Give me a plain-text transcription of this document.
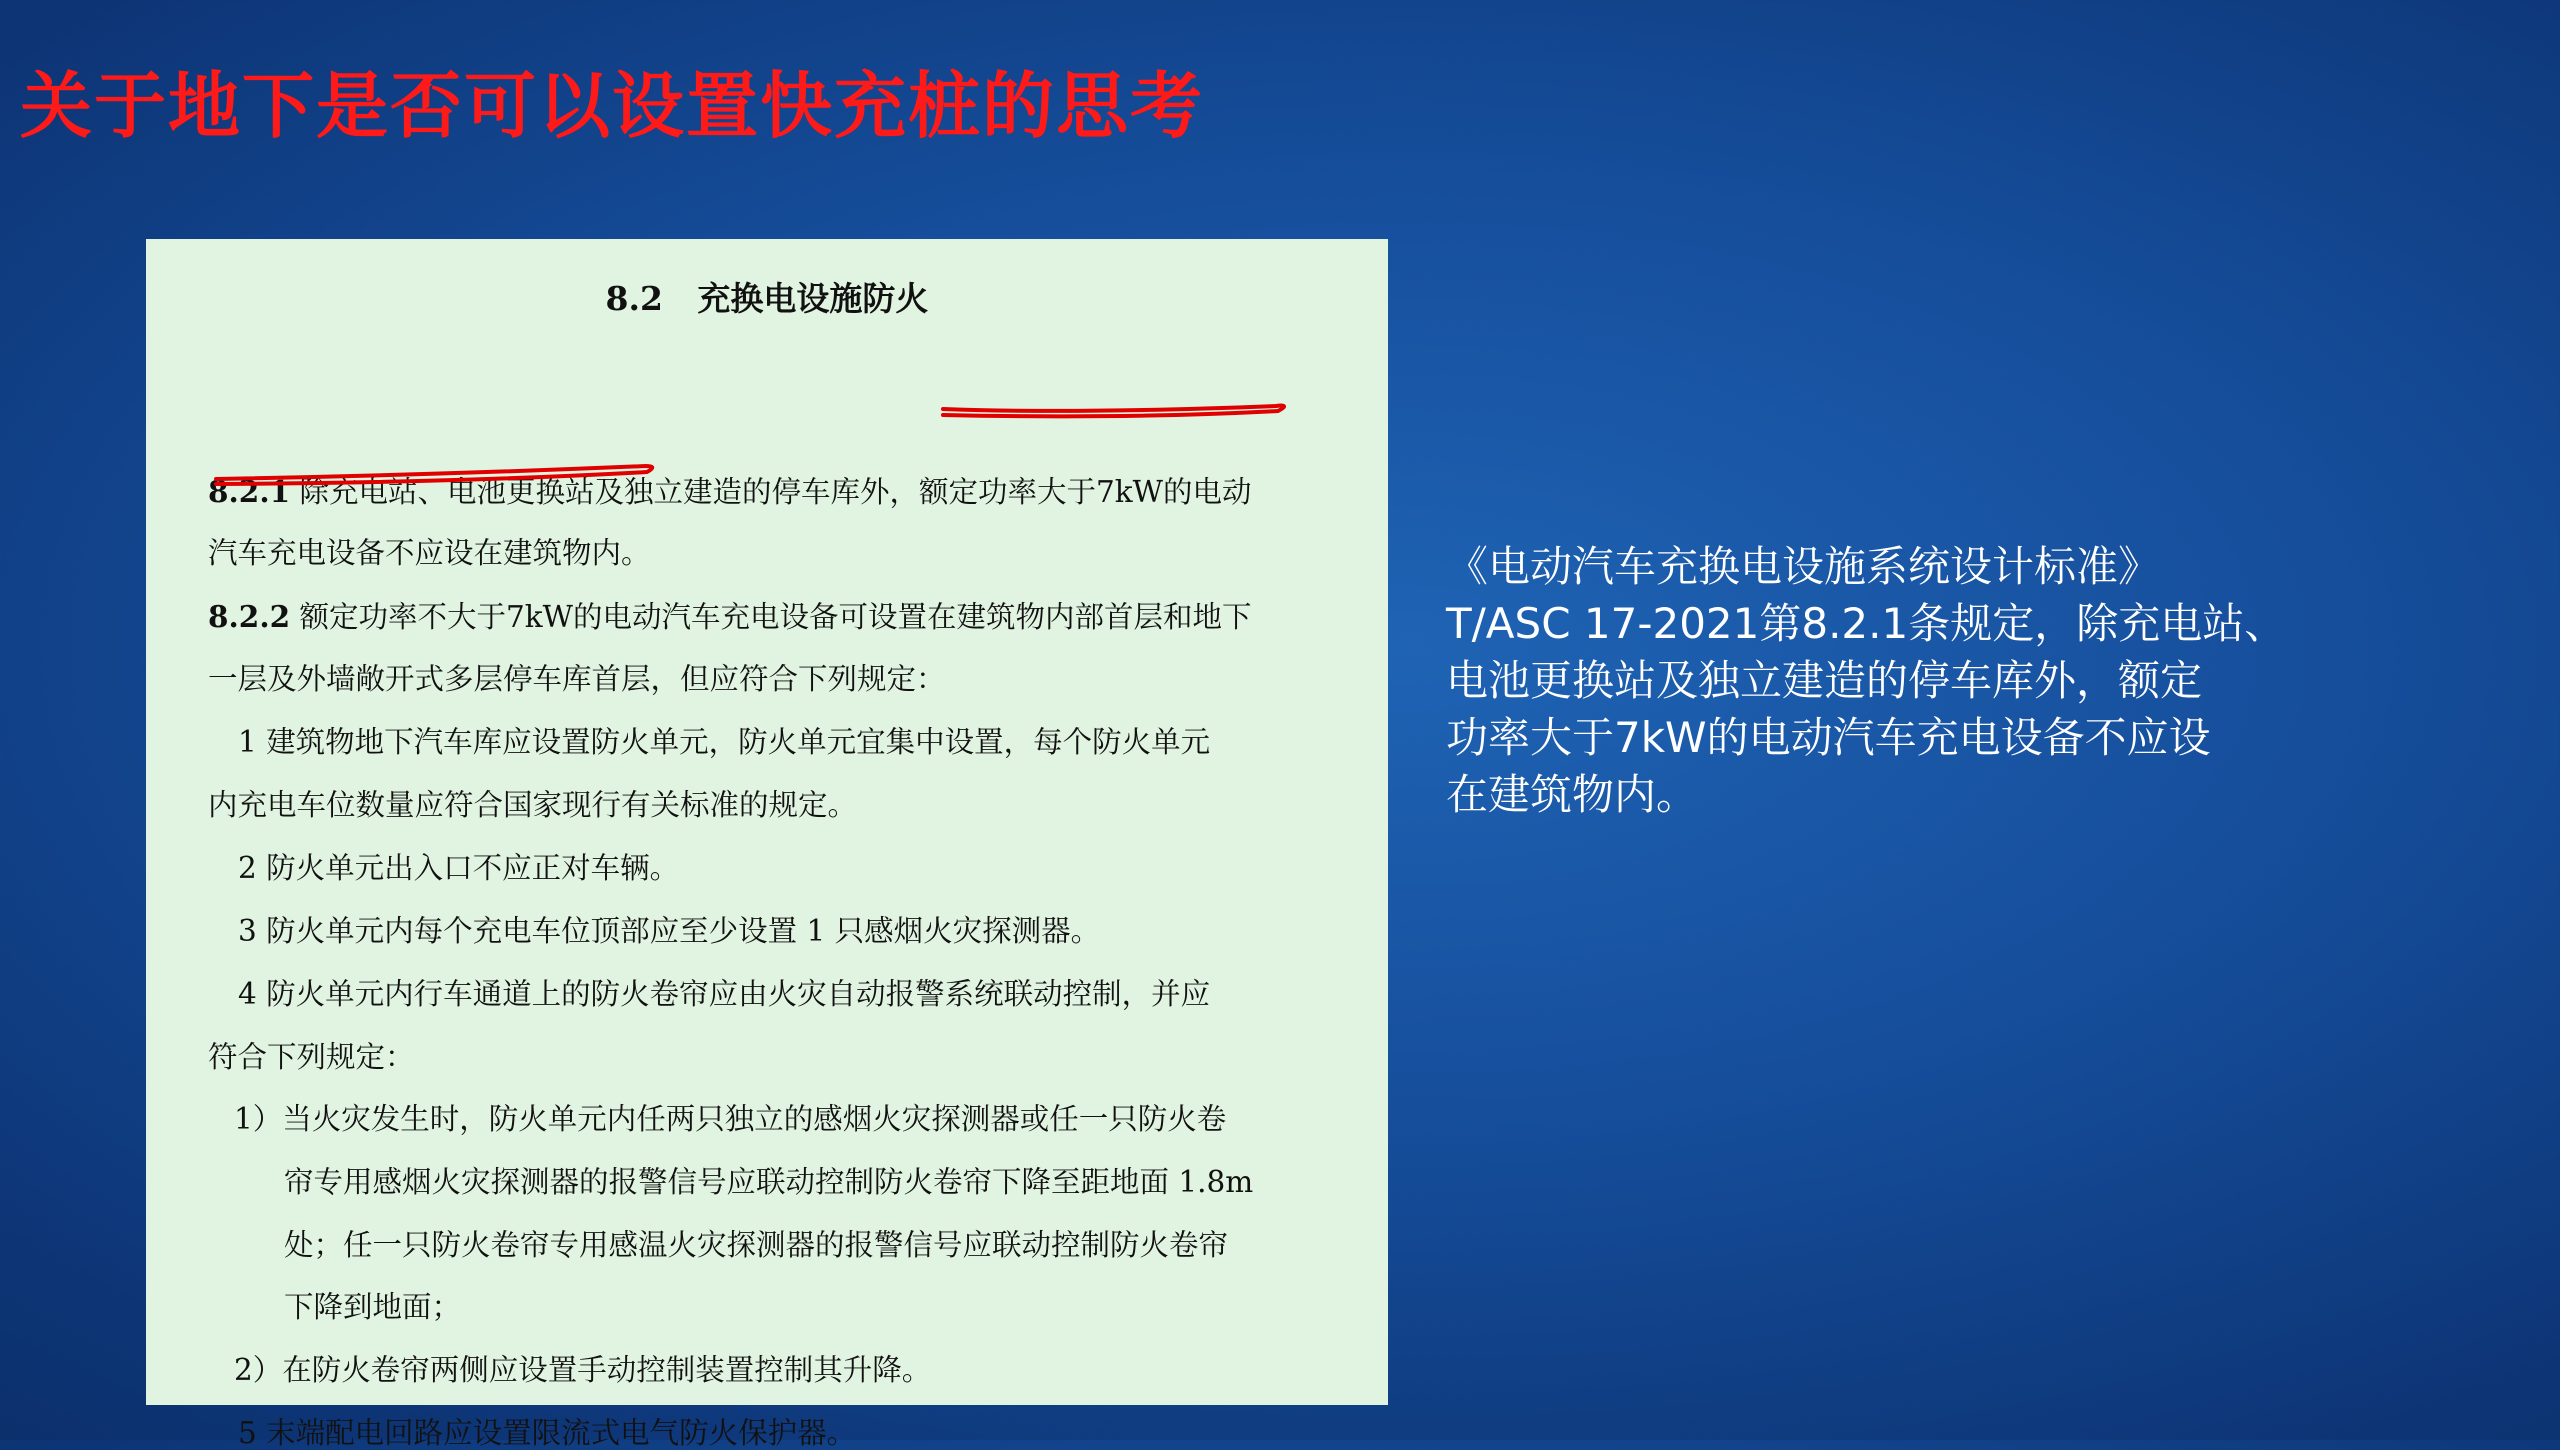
关于地下是否可以设置快充桩的思考
8.2   充换电设施防火
8.2.1 除充电站、电池更换站及独立建造的停车库外，额定功率大于7kW的电动
汽车充电设备不应设在建筑物内。
8.2.2 额定功率不大于7kW的电动汽车充电设备可设置在建筑物内部首层和地下
一层及外墙敞开式多层停车库首层，但应符合下列规定：
1 建筑物地下汽车库应设置防火单元，防火单元宜集中设置，每个防火单元
内充电车位数量应符合国家现行有关标准的规定。
2 防火单元出入口不应正对车辆。
3 防火单元内每个充电车位顶部应至少设置 1 只感烟火灾探测器。
4 防火单元内行车通道上的防火卷帘应由火灾自动报警系统联动控制，并应
符合下列规定：
1）当火灾发生时，防火单元内任两只独立的感烟火灾探测器或任一只防火卷
帘专用感烟火灾探测器的报警信号应联动控制防火卷帘下降至距地面 1.8m
处；任一只防火卷帘专用感温火灾探测器的报警信号应联动控制防火卷帘
下降到地面；
2）在防火卷帘两侧应设置手动控制装置控制其升降。
5 末端配电回路应设置限流式电气防火保护器。
《电动汽车充换电设施系统设计标准》
T/ASC 17-2021第8.2.1条规定，除充电站、
电池更换站及独立建造的停车库外，额定
功率大于7kW的电动汽车充电设备不应设
在建筑物内。
